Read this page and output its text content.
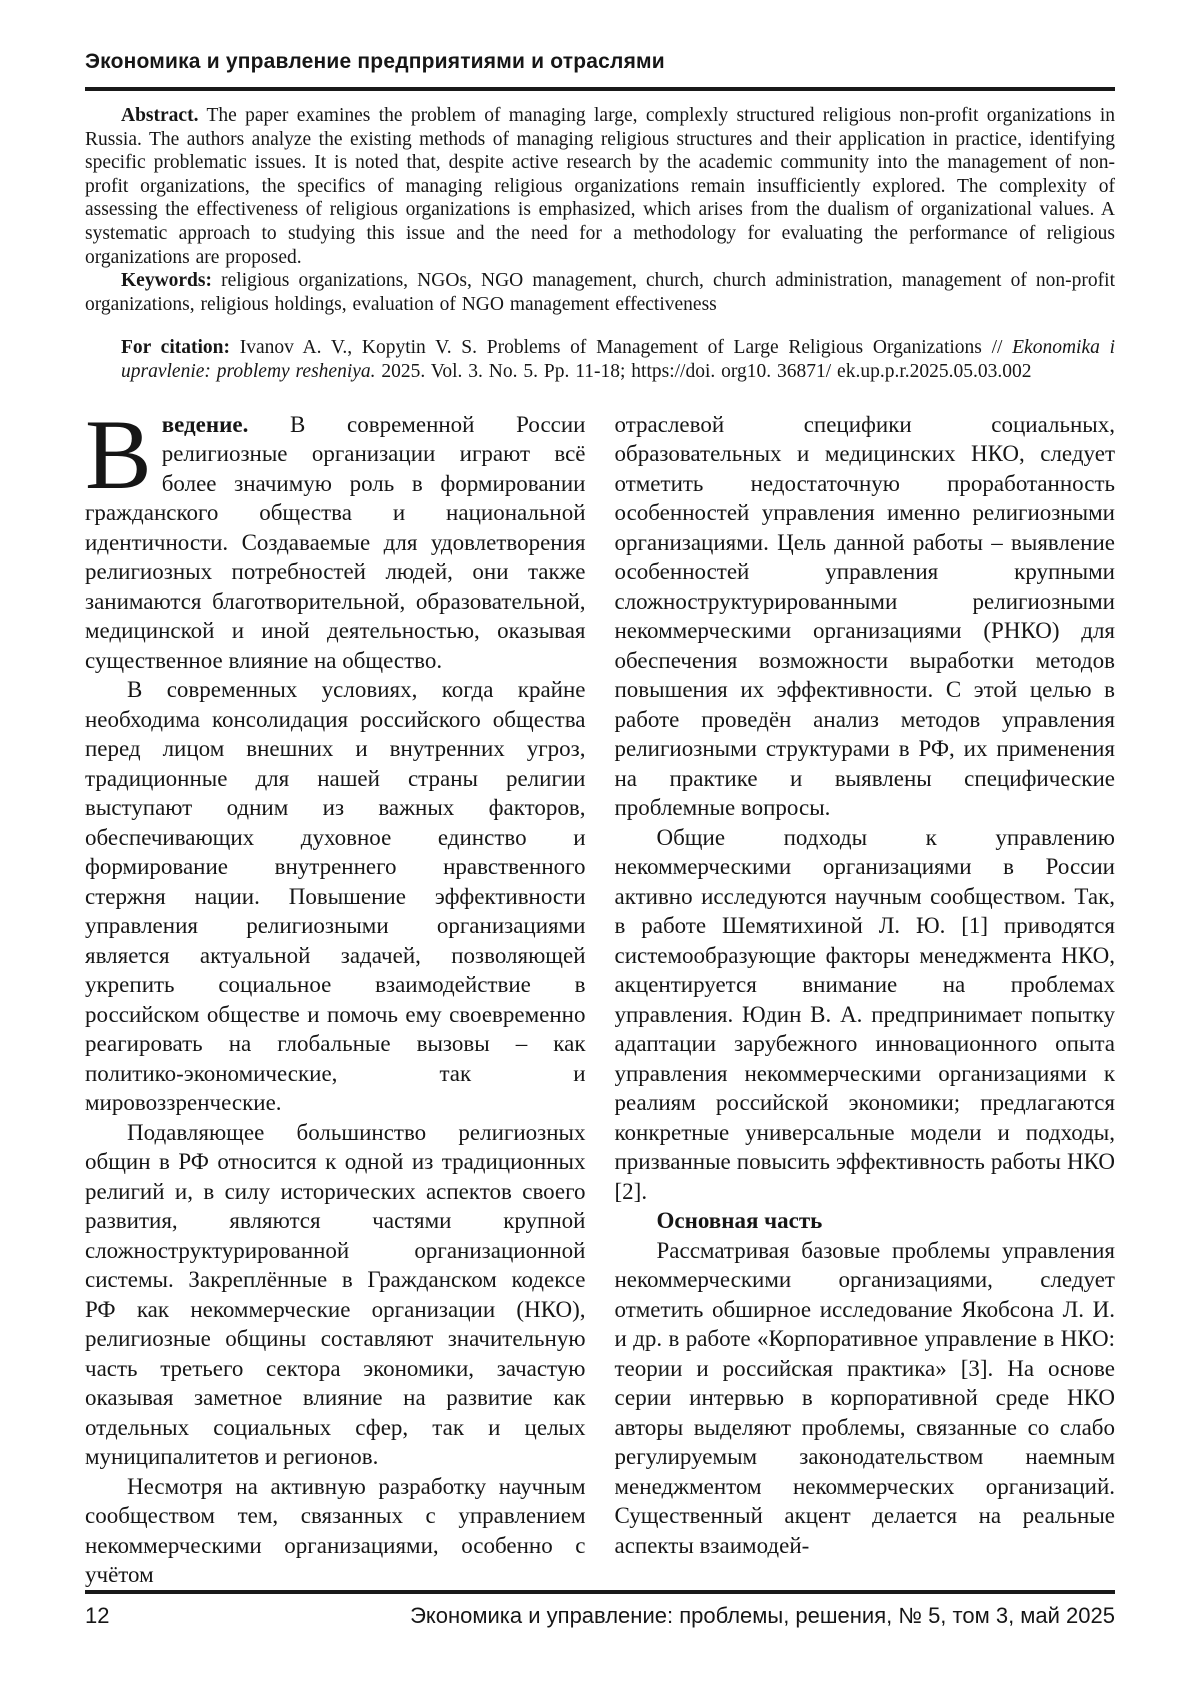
Экономика и управление предприятиями и отраслями

Abstract. The paper examines the problem of managing large, complexly structured religious non-profit organizations in Russia. The authors analyze the existing methods of managing religious structures and their application in practice, identifying specific problematic issues. It is noted that, despite active research by the academic community into the management of non-profit organizations, the specifics of managing religious organizations remain insufficiently explored. The complexity of assessing the effectiveness of religious organizations is emphasized, which arises from the dualism of organizational values. A systematic approach to studying this issue and the need for a methodology for evaluating the performance of religious organizations are proposed.

Keywords: religious organizations, NGOs, NGO management, church, church administration, management of non-profit organizations, religious holdings, evaluation of NGO management effectiveness

For citation: Ivanov A. V., Kopytin V. S. Problems of Management of Large Religious Organizations // Ekonomika i upravlenie: problemy resheniya. 2025. Vol. 3. No. 5. Pp. 11-18; https://doi. org10. 36871/ ek.up.p.r.2025.05.03.002

Введение. В современной России религиозные организации играют всё более значимую роль в формировании гражданского общества и национальной идентичности. Создаваемые для удовлетворения религиозных потребностей людей, они также занимаются благотворительной, образовательной, медицинской и иной деятельностью, оказывая существенное влияние на общество.

В современных условиях, когда крайне необходима консолидация российского общества перед лицом внешних и внутренних угроз, традиционные для нашей страны религии выступают одним из важных факторов, обеспечивающих духовное единство и формирование внутреннего нравственного стержня нации. Повышение эффективности управления религиозными организациями является актуальной задачей, позволяющей укрепить социальное взаимодействие в российском обществе и помочь ему своевременно реагировать на глобальные вызовы – как политико-экономические, так и мировоззренческие.

Подавляющее большинство религиозных общин в РФ относится к одной из традиционных религий и, в силу исторических аспектов своего развития, являются частями крупной сложноструктурированной организационной системы. Закреплённые в Гражданском кодексе РФ как некоммерческие организации (НКО), религиозные общины составляют значительную часть третьего сектора экономики, зачастую оказывая заметное влияние на развитие как отдельных социальных сфер, так и целых муниципалитетов и регионов.

Несмотря на активную разработку научным сообществом тем, связанных с управлением некоммерческими организациями, особенно с учётом

отраслевой специфики социальных, образовательных и медицинских НКО, следует отметить недостаточную проработанность особенностей управления именно религиозными организациями. Цель данной работы – выявление особенностей управления крупными сложноструктурированными религиозными некоммерческими организациями (РНКО) для обеспечения возможности выработки методов повышения их эффективности. С этой целью в работе проведён анализ методов управления религиозными структурами в РФ, их применения на практике и выявлены специфические проблемные вопросы.

Общие подходы к управлению некоммерческими организациями в России активно исследуются научным сообществом. Так, в работе Шемятихиной Л. Ю. [1] приводятся системообразующие факторы менеджмента НКО, акцентируется внимание на проблемах управления. Юдин В. А. предпринимает попытку адаптации зарубежного инновационного опыта управления некоммерческими организациями к реалиям российской экономики; предлагаются конкретные универсальные модели и подходы, призванные повысить эффективность работы НКО [2].

Основная часть

Рассматривая базовые проблемы управления некоммерческими организациями, следует отметить обширное исследование Якобсона Л. И. и др. в работе «Корпоративное управление в НКО: теории и российская практика» [3]. На основе серии интервью в корпоративной среде НКО авторы выделяют проблемы, связанные со слабо регулируемым законодательством наемным менеджментом некоммерческих организаций. Существенный акцент делается на реальные аспекты взаимодей-

12	Экономика и управление: проблемы, решения, № 5, том 3, май 2025
